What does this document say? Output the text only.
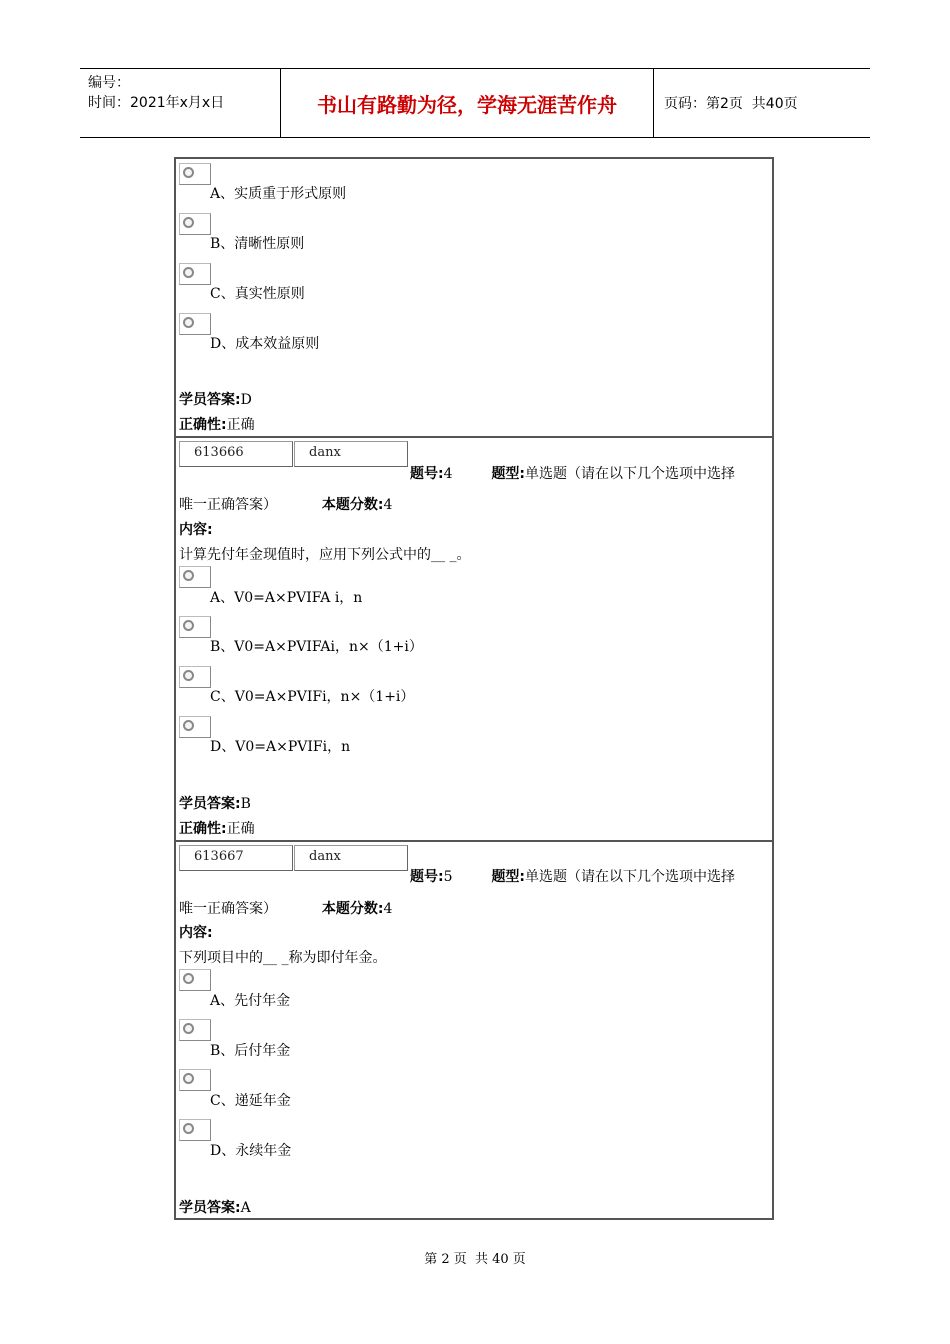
编号：
时间：2021年x月x日	书山有路勤为径，学海无涯苦作舟	页码：第2页  共40页
A、实质重于形式原则
B、清晰性原则
C、真实性原则
D、成本效益原则
学员答案:D
正确性:正确
613666	danx
题号:4	题型:单选题（请在以下几个选项中选择
唯一正确答案）	本题分数:4
内容:
计算先付年金现值时，应用下列公式中的__ _。
A、V0=A×PVIFA i，n
B、V0=A×PVIFAi，n×（1+i）
C、V0=A×PVIFi，n×（1+i）
D、V0=A×PVIFi，n
学员答案:B
正确性:正确
613667	danx
题号:5	题型:单选题（请在以下几个选项中选择
唯一正确答案）	本题分数:4
内容:
下列项目中的__ _称为即付年金。
A、先付年金
B、后付年金
C、递延年金
D、永续年金
学员答案:A
第 2 页  共 40 页
